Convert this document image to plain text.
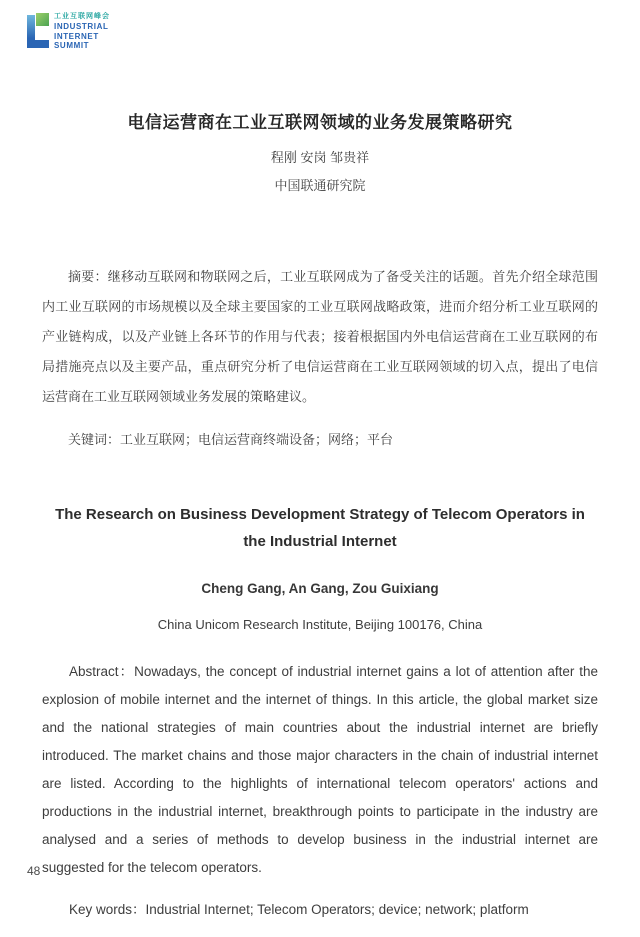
工业互联网峰会
INDUSTRIAL
INTERNET
SUMMIT
电信运营商在工业互联网领域的业务发展策略研究
程刚 安岗 邹贵祥
中国联通研究院

摘要：继移动互联网和物联网之后，工业互联网成为了备受关注的话题。首先介绍全球范围内工业互联网的市场规模以及全球主要国家的工业互联网战略政策，进而介绍分析工业互联网的产业链构成，以及产业链上各环节的作用与代表；接着根据国内外电信运营商在工业互联网的布局措施亮点以及主要产品，重点研究分析了电信运营商在工业互联网领域的切入点，提出了电信运营商在工业互联网领域业务发展的策略建议。

关键词：工业互联网；电信运营商终端设备；网络；平台

The Research on Business Development Strategy of Telecom Operators in the Industrial Internet
Cheng Gang, An Gang, Zou Guixiang
China Unicom Research Institute, Beijing 100176, China

Abstract：Nowadays, the concept of industrial internet gains a lot of attention after the explosion of mobile internet and the internet of things. In this article, the global market size and the national strategies of main countries about the industrial internet are briefly introduced. The market chains and those major characters in the chain of industrial internet are listed. According to the highlights of international telecom operators' actions and productions in the industrial internet, breakthrough points to participate in the industry are analysed and a series of methods to develop business in the industrial internet are suggested for the telecom operators.

Key words：Industrial Internet; Telecom Operators; device; network; platform

48
